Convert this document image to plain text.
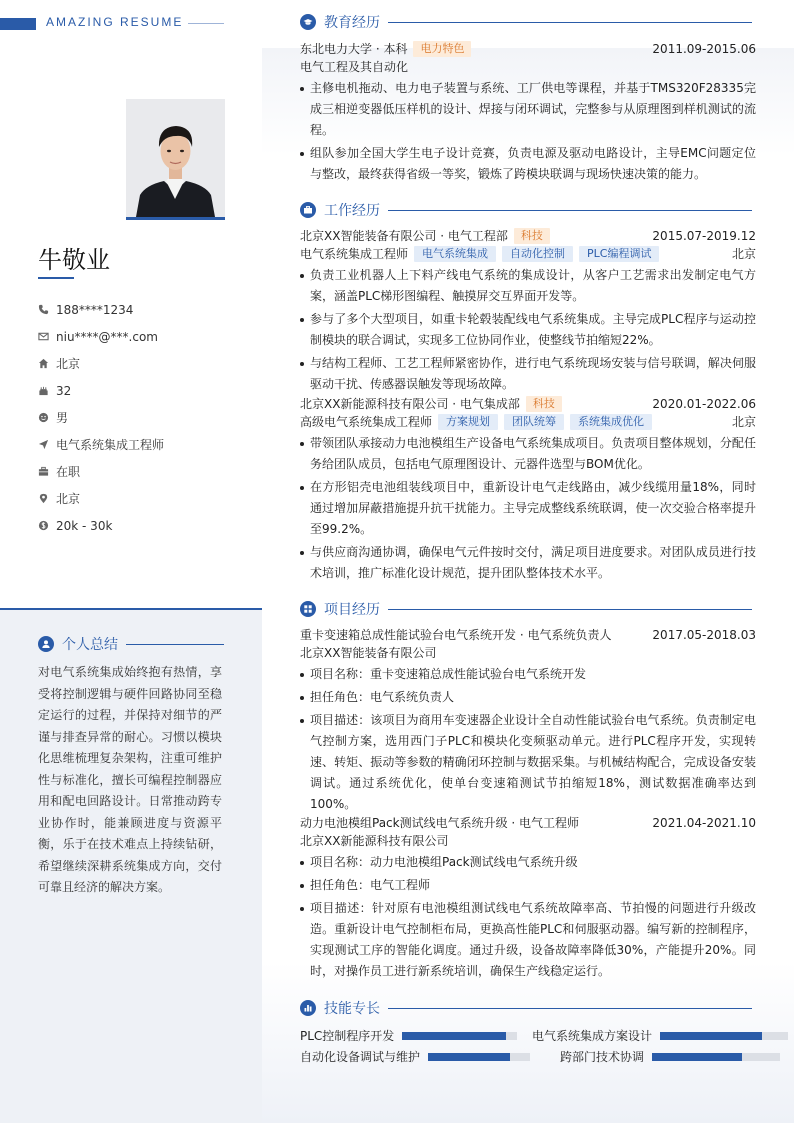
AMAZING RESUME
牛敬业
188****1234
niu****@***.com
北京
32
男
电气系统集成工程师
在职
北京
20k - 30k
个人总结
对电气系统集成始终抱有热情，享受将控制逻辑与硬件回路协同至稳定运行的过程，并保持对细节的严谨与排查异常的耐心。习惯以模块化思维梳理复杂架构，注重可维护性与标准化，擅长可编程控制器应用和配电回路设计。日常推动跨专业协作时，能兼顾进度与资源平衡，乐于在技术难点上持续钻研，希望继续深耕系统集成方向，交付可靠且经济的解决方案。
教育经历
东北电力大学 · 本科	电力特色	2011.09-2015.06
电气工程及其自动化
主修电机拖动、电力电子装置与系统、工厂供电等课程，并基于TMS320F28335完成三相逆变器低压样机的设计、焊接与闭环调试，完整参与从原理图到样机测试的流程。
组队参加全国大学生电子设计竞赛，负责电源及驱动电路设计，主导EMC问题定位与整改，最终获得省级一等奖，锻炼了跨模块联调与现场快速决策的能力。
工作经历
北京XX智能装备有限公司 · 电气工程部	科技	2015.07-2019.12
电气系统集成工程师	电气系统集成	自动化控制	PLC编程调试	北京
负责工业机器人上下料产线电气系统的集成设计，从客户工艺需求出发制定电气方案，涵盖PLC梯形图编程、触摸屏交互界面开发等。
参与了多个大型项目，如重卡轮毂装配线电气系统集成。主导完成PLC程序与运动控制模块的联合调试，实现多工位协同作业，使整线节拍缩短22%。
与结构工程师、工艺工程师紧密协作，进行电气系统现场安装与信号联调，解决伺服驱动干扰、传感器误触发等现场故障。
北京XX新能源科技有限公司 · 电气集成部	科技	2020.01-2022.06
高级电气系统集成工程师	方案规划	团队统筹	系统集成优化	北京
带领团队承接动力电池模组生产设备电气系统集成项目。负责项目整体规划，分配任务给团队成员，包括电气原理图设计、元器件选型与BOM优化。
在方形铝壳电池组装线项目中，重新设计电气走线路由，减少线缆用量18%，同时通过增加屏蔽措施提升抗干扰能力。主导完成整线系统联调，使一次交验合格率提升至99.2%。
与供应商沟通协调，确保电气元件按时交付，满足项目进度要求。对团队成员进行技术培训，推广标准化设计规范，提升团队整体技术水平。
项目经历
重卡变速箱总成性能试验台电气系统开发 · 电气系统负责人	2017.05-2018.03
北京XX智能装备有限公司
项目名称：重卡变速箱总成性能试验台电气系统开发
担任角色：电气系统负责人
项目描述：该项目为商用车变速器企业设计全自动性能试验台电气系统。负责制定电气控制方案，选用西门子PLC和模块化变频驱动单元。进行PLC程序开发，实现转速、转矩、振动等参数的精确闭环控制与数据采集。与机械结构配合，完成设备安装调试。通过系统优化，使单台变速箱测试节拍缩短18%，测试数据准确率达到100%。
动力电池模组Pack测试线电气系统升级 · 电气工程师	2021.04-2021.10
北京XX新能源科技有限公司
项目名称：动力电池模组Pack测试线电气系统升级
担任角色：电气工程师
项目描述：针对原有电池模组测试线电气系统故障率高、节拍慢的问题进行升级改造。重新设计电气控制柜布局，更换高性能PLC和伺服驱动器。编写新的控制程序，实现测试工序的智能化调度。通过升级，设备故障率降低30%，产能提升20%。同时，对操作员工进行新系统培训，确保生产线稳定运行。
技能专长
PLC控制程序开发	电气系统集成方案设计
自动化设备调试与维护	跨部门技术协调
